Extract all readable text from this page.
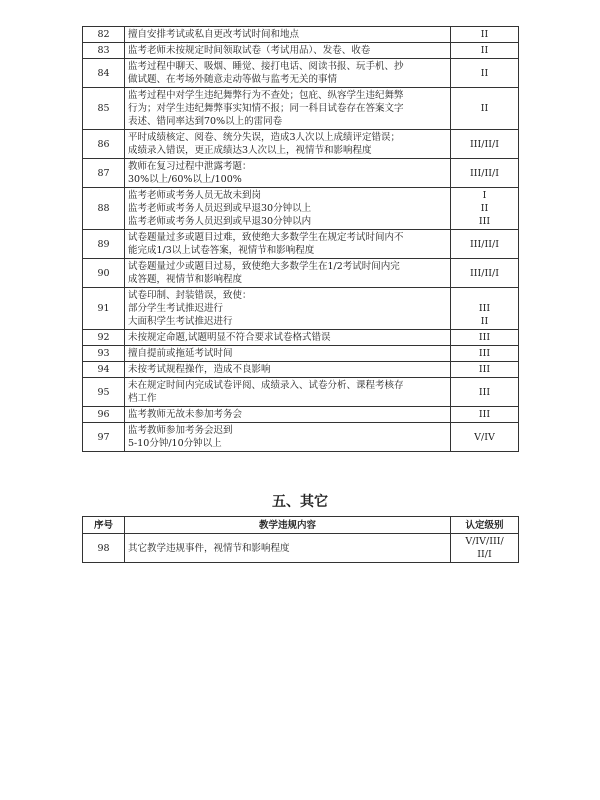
82	擅自安排考试或私自更改考试时间和地点	II

83	监考老师未按规定时间领取试卷（考试用品）、发卷、收卷	II

84	监考过程中聊天、吸烟、睡觉、接打电话、阅读书报、玩手机、抄
做试题、在考场外随意走动等做与监考无关的事情	II

85	监考过程中对学生违纪舞弊行为不查处；包庇、纵容学生违纪舞弊
行为；对学生违纪舞弊事实知情不报；同一科目试卷存在答案文字
表述、错同率达到70%以上的雷同卷	II

86	平时成绩核定、阅卷、统分失误，造成3人次以上成绩评定错误；
成绩录入错误，更正成绩达3人次以上，视情节和影响程度	III/II/I

87	教师在复习过程中泄露考题：
30%以上/60%以上/100%	III/II/I

88	监考老师或考务人员无故未到岗
监考老师或考务人员迟到或早退30分钟以上
监考老师或考务人员迟到或早退30分钟以内	I
II
III

89	试卷题量过多或题目过难，致使绝大多数学生在规定考试时间内不
能完成1/3以上试卷答案，视情节和影响程度	III/II/I

90	试卷题量过少或题目过易，致使绝大多数学生在1/2考试时间内完
成答题，视情节和影响程度	III/II/I

91	试卷印制、封装错误，致使：
部分学生考试推迟进行
大面积学生考试推迟进行	III
II

92	未按规定命题,试题明显不符合要求试卷格式错误	III

93	擅自提前或拖延考试时间	III

94	未按考试规程操作，造成不良影响	III

95	未在规定时间内完成试卷评阅、成绩录入、试卷分析、课程考核存
档工作	III

96	监考教师无故未参加考务会	III

97	监考教师参加考务会迟到
5-10分钟/10分钟以上	V/IV
五、其它
序号	教学违规内容	认定级别
98	其它教学违规事件，视情节和影响程度	V/IV/III/
II/I
